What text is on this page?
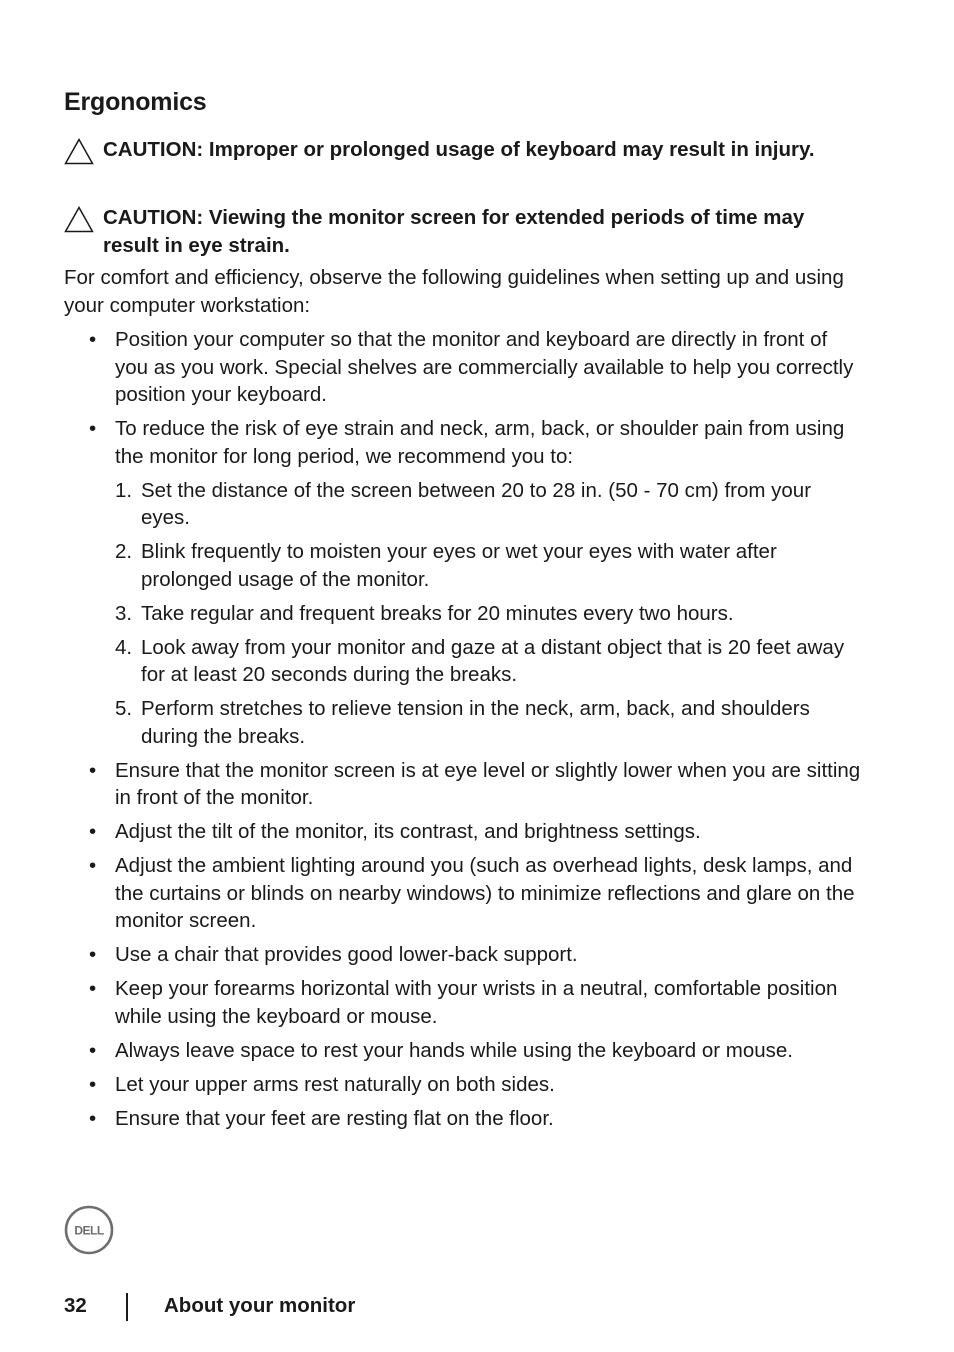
Ergonomics
CAUTION: Improper or prolonged usage of keyboard may result in injury.
CAUTION: Viewing the monitor screen for extended periods of time may result in eye strain.

For comfort and efficiency, observe the following guidelines when setting up and using your computer workstation:

• Position your computer so that the monitor and keyboard are directly in front of you as you work. Special shelves are commercially available to help you correctly position your keyboard.
• To reduce the risk of eye strain and neck, arm, back, or shoulder pain from using the monitor for long period, we recommend you to:
1. Set the distance of the screen between 20 to 28 in. (50 - 70 cm) from your eyes.
2. Blink frequently to moisten your eyes or wet your eyes with water after prolonged usage of the monitor.
3. Take regular and frequent breaks for 20 minutes every two hours.
4. Look away from your monitor and gaze at a distant object that is 20 feet away for at least 20 seconds during the breaks.
5. Perform stretches to relieve tension in the neck, arm, back, and shoulders during the breaks.
• Ensure that the monitor screen is at eye level or slightly lower when you are sitting in front of the monitor.
• Adjust the tilt of the monitor, its contrast, and brightness settings.
• Adjust the ambient lighting around you (such as overhead lights, desk lamps, and the curtains or blinds on nearby windows) to minimize reflections and glare on the monitor screen.
• Use a chair that provides good lower-back support.
• Keep your forearms horizontal with your wrists in a neutral, comfortable position while using the keyboard or mouse.
• Always leave space to rest your hands while using the keyboard or mouse.
• Let your upper arms rest naturally on both sides.
• Ensure that your feet are resting flat on the floor.
DELL
32	About your monitor
